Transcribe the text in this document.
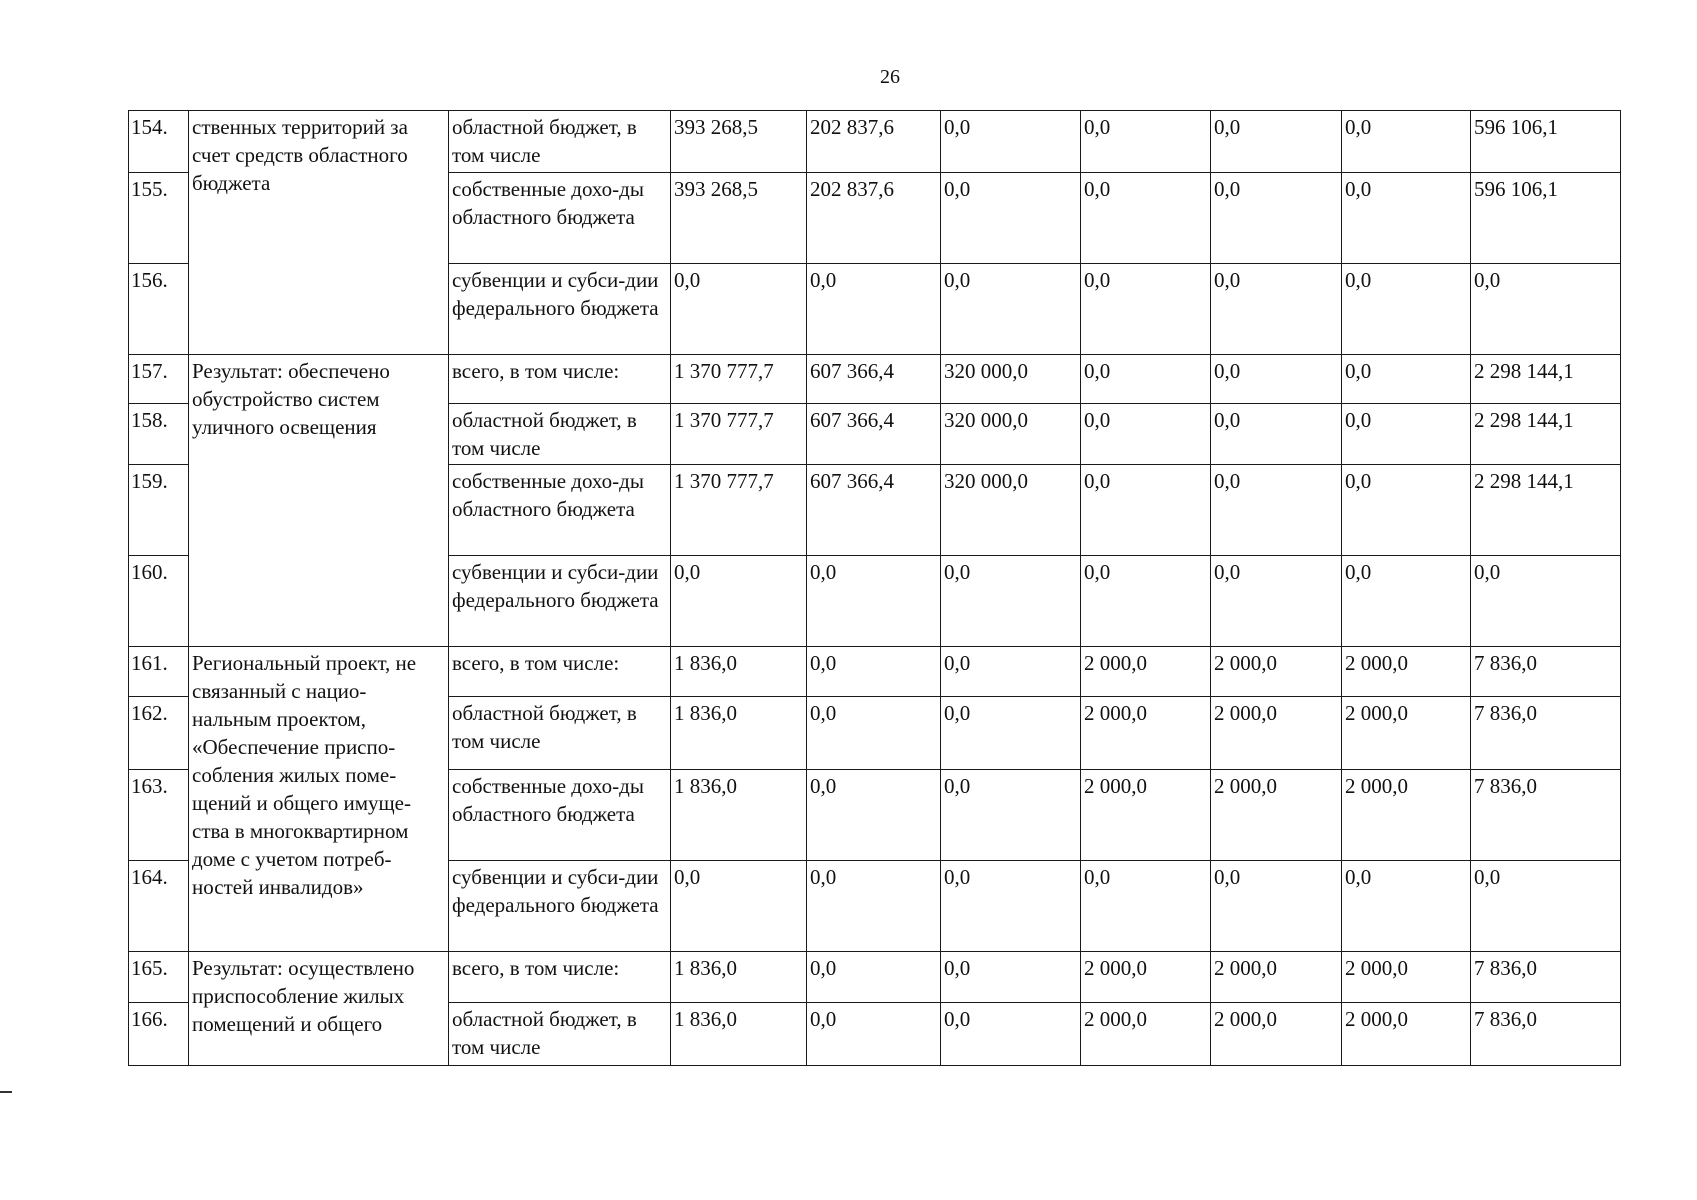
26
154.	ственных территорий за счет средств областного бюджета	областной бюджет, в том числе	393 268,5	202 837,6	0,0	0,0	0,0	0,0	596 106,1
155.		собственные дохо-ды областного бюджета	393 268,5	202 837,6	0,0	0,0	0,0	0,0	596 106,1
156.		субвенции и субси-дии федерального бюджета	0,0	0,0	0,0	0,0	0,0	0,0	0,0
157.	Результат: обеспечено обустройство систем уличного освещения	всего, в том числе:	1 370 777,7	607 366,4	320 000,0	0,0	0,0	0,0	2 298 144,1
158.		областной бюджет, в том числе	1 370 777,7	607 366,4	320 000,0	0,0	0,0	0,0	2 298 144,1
159.		собственные дохо-ды областного бюджета	1 370 777,7	607 366,4	320 000,0	0,0	0,0	0,0	2 298 144,1
160.		субвенции и субси-дии федерального бюджета	0,0	0,0	0,0	0,0	0,0	0,0	0,0
161.	Региональный проект, не связанный с нацио-нальным проектом, «Обеспечение приспо-собления жилых поме-щений и общего имуще-ства в многоквартирном доме с учетом потреб-ностей инвалидов»	всего, в том числе:	1 836,0	0,0	0,0	2 000,0	2 000,0	2 000,0	7 836,0
162.		областной бюджет, в том числе	1 836,0	0,0	0,0	2 000,0	2 000,0	2 000,0	7 836,0
163.		собственные дохо-ды областного бюджета	1 836,0	0,0	0,0	2 000,0	2 000,0	2 000,0	7 836,0
164.		субвенции и субси-дии федерального бюджета	0,0	0,0	0,0	0,0	0,0	0,0	0,0
165.	Результат: осуществлено приспособление жилых помещений и общего	всего, в том числе:	1 836,0	0,0	0,0	2 000,0	2 000,0	2 000,0	7 836,0
166.		областной бюджет, в том числе	1 836,0	0,0	0,0	2 000,0	2 000,0	2 000,0	7 836,0
